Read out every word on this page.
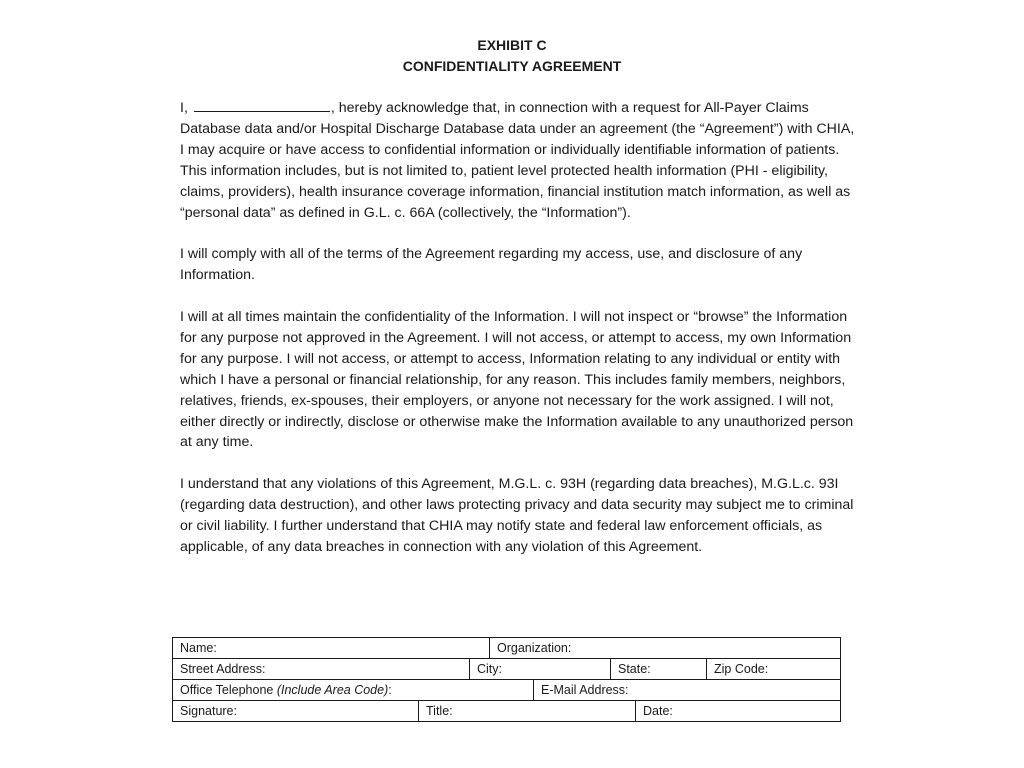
EXHIBIT C
CONFIDENTIALITY AGREEMENT

I,	, hereby acknowledge that, in connection with a request for All-Payer Claims Database data and/or Hospital Discharge Database data under an agreement (the “Agreement”) with CHIA, I may acquire or have access to confidential information or individually identifiable information of patients. This information includes, but is not limited to, patient level protected health information (PHI - eligibility, claims, providers), health insurance coverage information, financial institution match information, as well as “personal data” as defined in G.L. c. 66A (collectively, the “Information”).

I will comply with all of the terms of the Agreement regarding my access, use, and disclosure of any Information.

I will at all times maintain the confidentiality of the Information. I will not inspect or “browse” the Information for any purpose not approved in the Agreement. I will not access, or attempt to access, my own Information for any purpose. I will not access, or attempt to access, Information relating to any individual or entity with which I have a personal or financial relationship, for any reason. This includes family members, neighbors, relatives, friends, ex-spouses, their employers, or anyone not necessary for the work assigned. I will not, either directly or indirectly, disclose or otherwise make the Information available to any unauthorized person at any time.

I understand that any violations of this Agreement, M.G.L. c. 93H (regarding data breaches), M.G.L.c. 93I (regarding data destruction), and other laws protecting privacy and data security may subject me to criminal or civil liability. I further understand that CHIA may notify state and federal law enforcement officials, as applicable, of any data breaches in connection with any violation of this Agreement.

Name:	Organization:
Street Address:	City:	State:	Zip Code:
Office Telephone (Include Area Code):	E-Mail Address:
Signature:	Title:	Date:
